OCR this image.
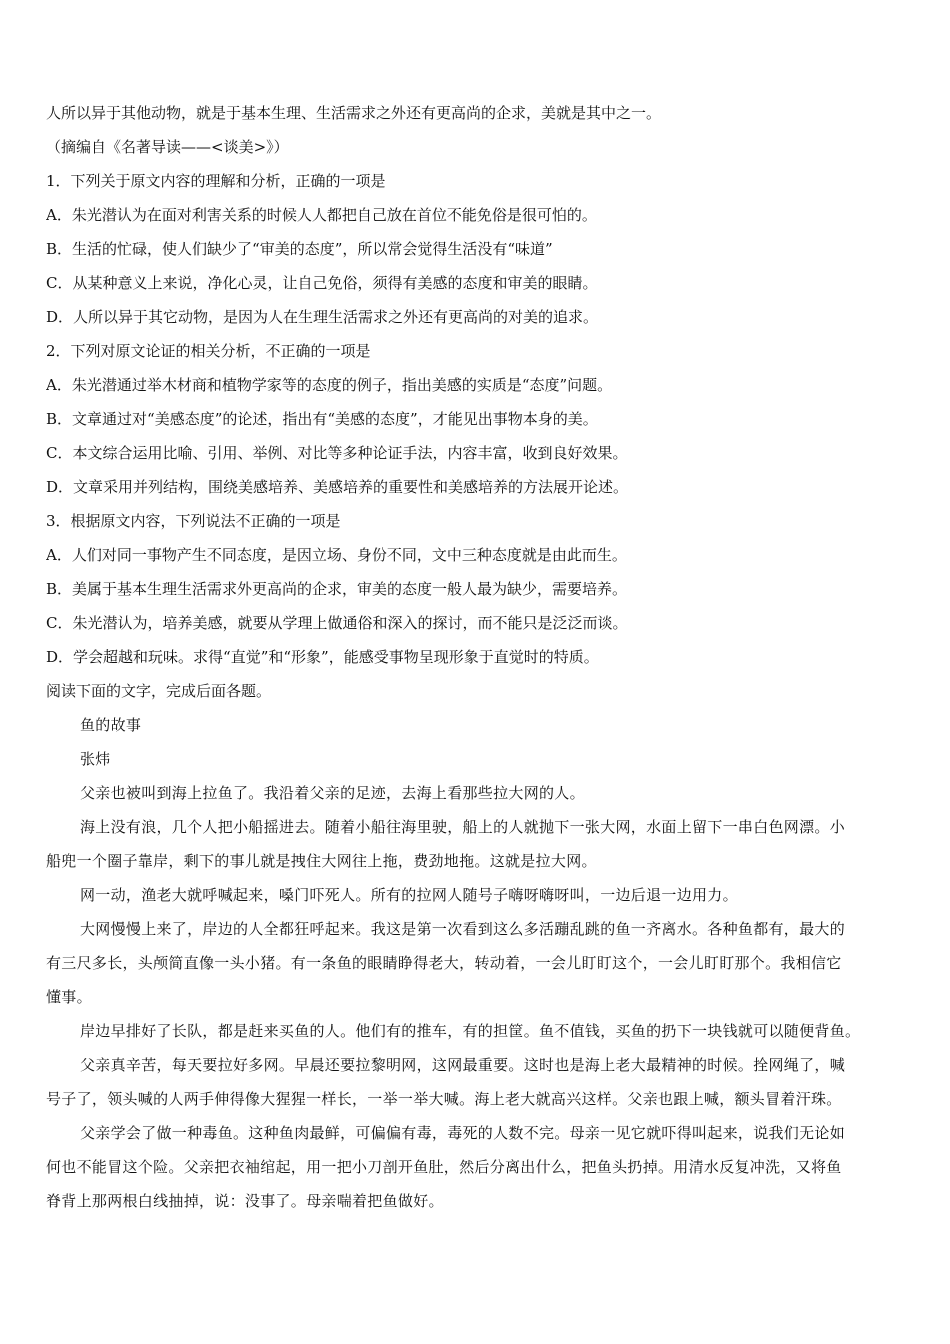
人所以异于其他动物，就是于基本生理、生活需求之外还有更高尚的企求，美就是其中之一。
（摘编自《名著导读——<谈美>》）
1．下列关于原文内容的理解和分析，正确的一项是
A．朱光潜认为在面对利害关系的时候人人都把自己放在首位不能免俗是很可怕的。
B．生活的忙碌，使人们缺少了“审美的态度”，所以常会觉得生活没有“味道”
C．从某种意义上来说，净化心灵，让自己免俗，须得有美感的态度和审美的眼睛。
D．人所以异于其它动物，是因为人在生理生活需求之外还有更高尚的对美的追求。
2．下列对原文论证的相关分析，不正确的一项是
A．朱光潜通过举木材商和植物学家等的态度的例子，指出美感的实质是“态度”问题。
B．文章通过对“美感态度”的论述，指出有“美感的态度”，才能见出事物本身的美。
C．本文综合运用比喻、引用、举例、对比等多种论证手法，内容丰富，收到良好效果。
D．文章采用并列结构，围绕美感培养、美感培养的重要性和美感培养的方法展开论述。
3．根据原文内容，下列说法不正确的一项是
A．人们对同一事物产生不同态度，是因立场、身份不同，文中三种态度就是由此而生。
B．美属于基本生理生活需求外更高尚的企求，审美的态度一般人最为缺少，需要培养。
C．朱光潜认为，培养美感，就要从学理上做通俗和深入的探讨，而不能只是泛泛而谈。
D．学会超越和玩味。求得“直觉”和“形象”，能感受事物呈现形象于直觉时的特质。
阅读下面的文字，完成后面各题。
鱼的故事
张炜
父亲也被叫到海上拉鱼了。我沿着父亲的足迹，去海上看那些拉大网的人。
海上没有浪，几个人把小船摇进去。随着小船往海里驶，船上的人就抛下一张大网，水面上留下一串白色网漂。小
船兜一个圈子靠岸，剩下的事儿就是拽住大网往上拖，费劲地拖。这就是拉大网。
网一动，渔老大就呼喊起来，嗓门吓死人。所有的拉网人随号子嗨呀嗨呀叫，一边后退一边用力。
大网慢慢上来了，岸边的人全都狂呼起来。我这是第一次看到这么多活蹦乱跳的鱼一齐离水。各种鱼都有，最大的
有三尺多长，头颅简直像一头小猪。有一条鱼的眼睛睁得老大，转动着，一会儿盯盯这个，一会儿盯盯那个。我相信它
懂事。
岸边早排好了长队，都是赶来买鱼的人。他们有的推车，有的担筐。鱼不值钱，买鱼的扔下一块钱就可以随便背鱼。
父亲真辛苦，每天要拉好多网。早晨还要拉黎明网，这网最重要。这时也是海上老大最精神的时候。拴网绳了，喊
号子了，领头喊的人两手伸得像大猩猩一样长，一举一举大喊。海上老大就高兴这样。父亲也跟上喊，额头冒着汗珠。
父亲学会了做一种毒鱼。这种鱼肉最鲜，可偏偏有毒，毒死的人数不完。母亲一见它就吓得叫起来，说我们无论如
何也不能冒这个险。父亲把衣袖绾起，用一把小刀剖开鱼肚，然后分离出什么，把鱼头扔掉。用清水反复冲洗，又将鱼
脊背上那两根白线抽掉，说：没事了。母亲喘着把鱼做好。
